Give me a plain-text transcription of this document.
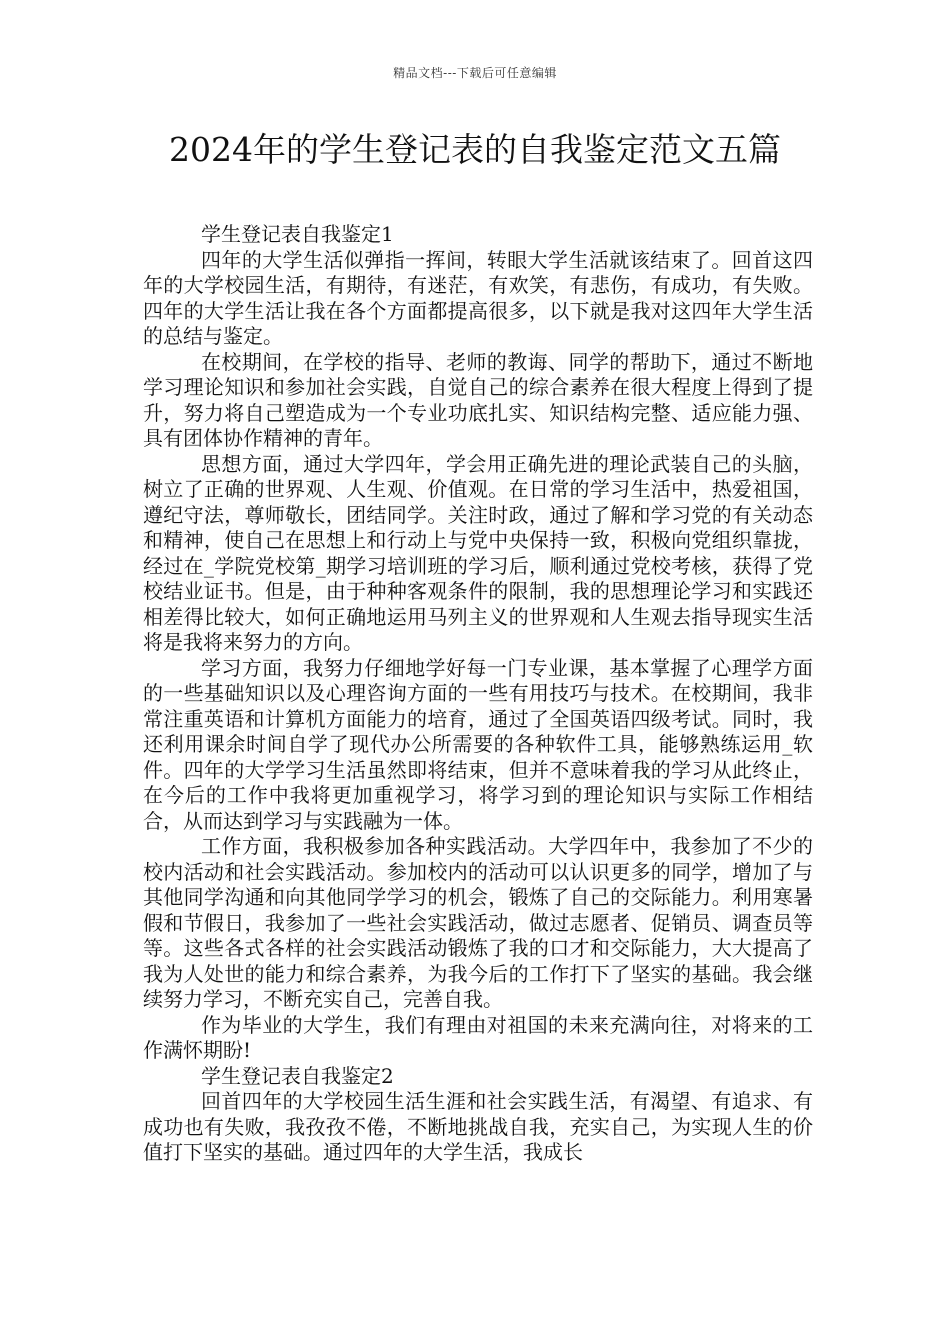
精品文档---下载后可任意编辑
2024年的学生登记表的自我鉴定范文五篇

学生登记表自我鉴定1

四年的大学生活似弹指一挥间，转眼大学生活就该结束了。回首这四年的大学校园生活，有期待，有迷茫，有欢笑，有悲伤，有成功，有失败。四年的大学生活让我在各个方面都提高很多，以下就是我对这四年大学生活的总结与鉴定。

在校期间，在学校的指导、老师的教诲、同学的帮助下，通过不断地学习理论知识和参加社会实践，自觉自己的综合素养在很大程度上得到了提升，努力将自己塑造成为一个专业功底扎实、知识结构完整、适应能力强、具有团体协作精神的青年。

思想方面，通过大学四年，学会用正确先进的理论武装自己的头脑，树立了正确的世界观、人生观、价值观。在日常的学习生活中，热爱祖国，遵纪守法，尊师敬长，团结同学。关注时政，通过了解和学习党的有关动态和精神，使自己在思想上和行动上与党中央保持一致，积极向党组织靠拢，经过在_学院党校第_期学习培训班的学习后，顺利通过党校考核，获得了党校结业证书。但是，由于种种客观条件的限制，我的思想理论学习和实践还相差得比较大，如何正确地运用马列主义的世界观和人生观去指导现实生活将是我将来努力的方向。

学习方面，我努力仔细地学好每一门专业课，基本掌握了心理学方面的一些基础知识以及心理咨询方面的一些有用技巧与技术。在校期间，我非常注重英语和计算机方面能力的培育，通过了全国英语四级考试。同时，我还利用课余时间自学了现代办公所需要的各种软件工具，能够熟练运用_软件。四年的大学学习生活虽然即将结束，但并不意味着我的学习从此终止，在今后的工作中我将更加重视学习，将学习到的理论知识与实际工作相结合，从而达到学习与实践融为一体。

工作方面，我积极参加各种实践活动。大学四年中，我参加了不少的校内活动和社会实践活动。参加校内的活动可以认识更多的同学，增加了与其他同学沟通和向其他同学学习的机会，锻炼了自己的交际能力。利用寒暑假和节假日，我参加了一些社会实践活动，做过志愿者、促销员、调查员等等。这些各式各样的社会实践活动锻炼了我的口才和交际能力，大大提高了我为人处世的能力和综合素养，为我今后的工作打下了坚实的基础。我会继续努力学习，不断充实自己，完善自我。

作为毕业的大学生，我们有理由对祖国的未来充满向往，对将来的工作满怀期盼!

学生登记表自我鉴定2

回首四年的大学校园生活生涯和社会实践生活，有渴望、有追求、有成功也有失败，我孜孜不倦，不断地挑战自我，充实自己，为实现人生的价值打下坚实的基础。通过四年的大学生活，我成长
